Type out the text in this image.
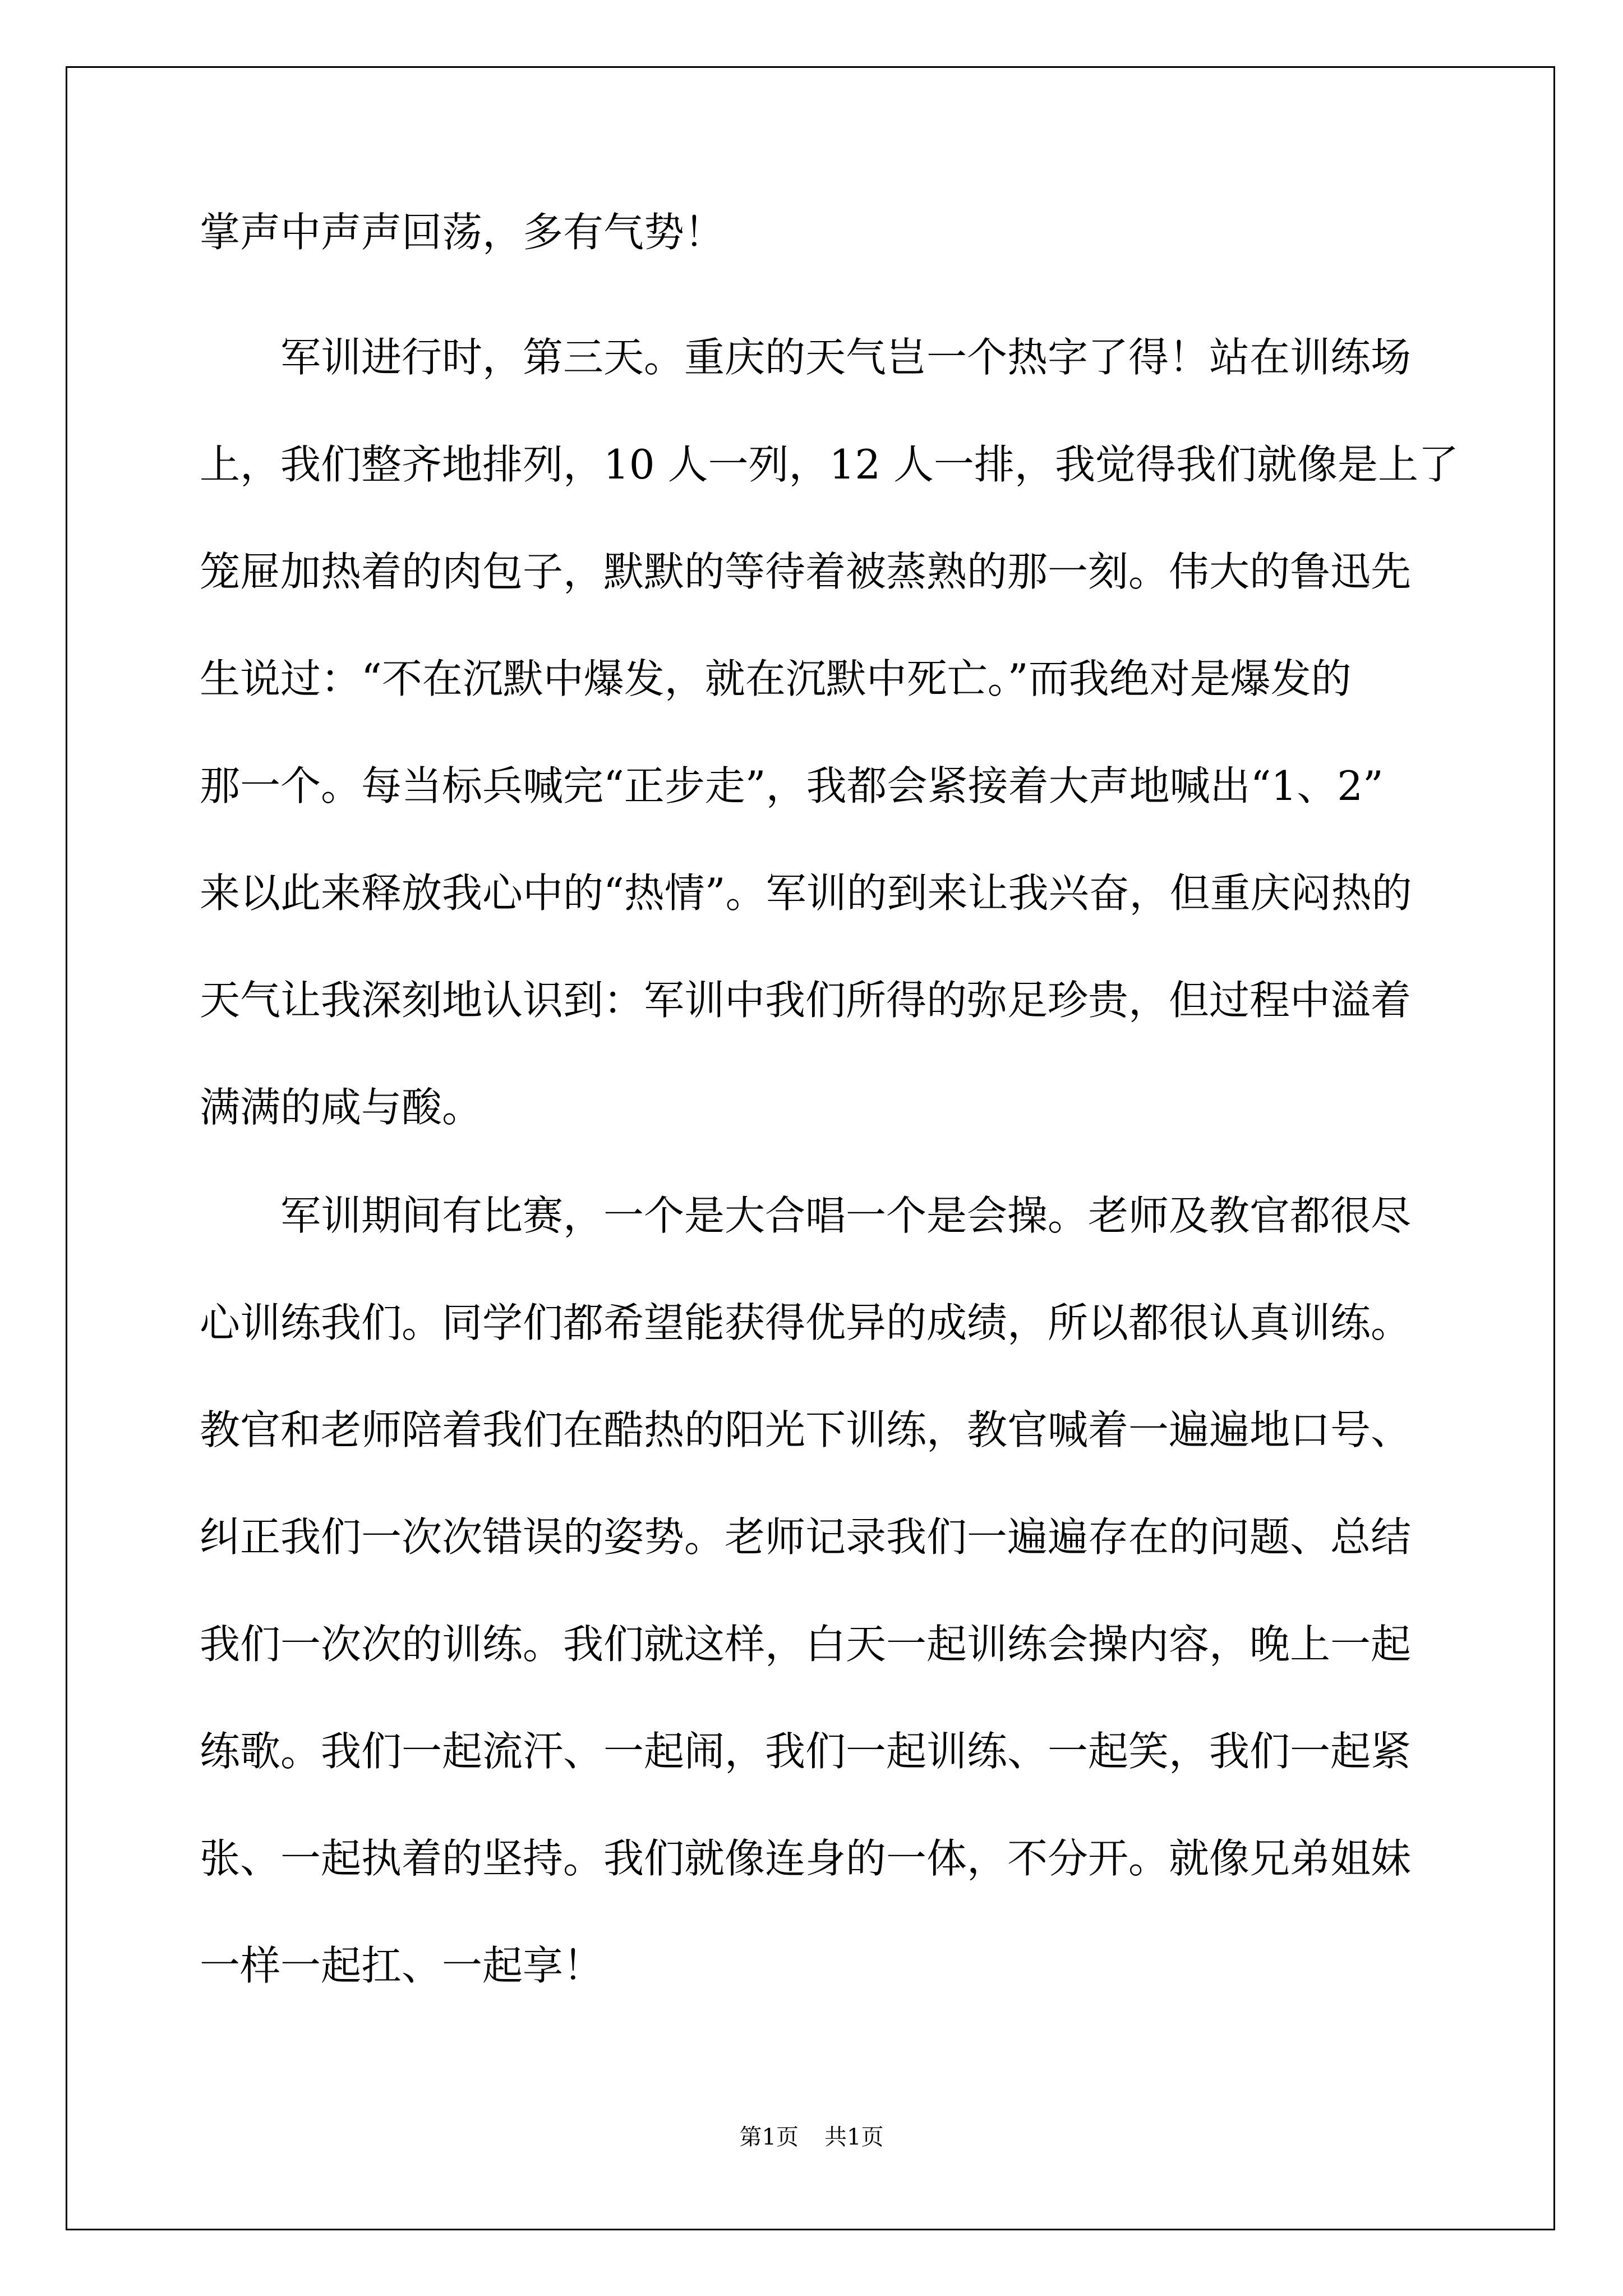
掌声中声声回荡，多有气势！
军训进行时，第三天。重庆的天气岂一个热字了得！站在训练场
上，我们整齐地排列，10 人一列，12 人一排，我觉得我们就像是上了
笼屉加热着的肉包子，默默的等待着被蒸熟的那一刻。伟大的鲁迅先
生说过：“不在沉默中爆发，就在沉默中死亡。”而我绝对是爆发的
那一个。每当标兵喊完“正步走”，我都会紧接着大声地喊出“1、2”
来以此来释放我心中的“热情”。军训的到来让我兴奋，但重庆闷热的
天气让我深刻地认识到：军训中我们所得的弥足珍贵，但过程中溢着
满满的咸与酸。
军训期间有比赛，一个是大合唱一个是会操。老师及教官都很尽
心训练我们。同学们都希望能获得优异的成绩，所以都很认真训练。
教官和老师陪着我们在酷热的阳光下训练，教官喊着一遍遍地口号、
纠正我们一次次错误的姿势。老师记录我们一遍遍存在的问题、总结
我们一次次的训练。我们就这样，白天一起训练会操内容，晚上一起
练歌。我们一起流汗、一起闹，我们一起训练、一起笑，我们一起紧
张、一起执着的坚持。我们就像连身的一体，不分开。就像兄弟姐妹
一样一起扛、一起享！
第1页 共1页
